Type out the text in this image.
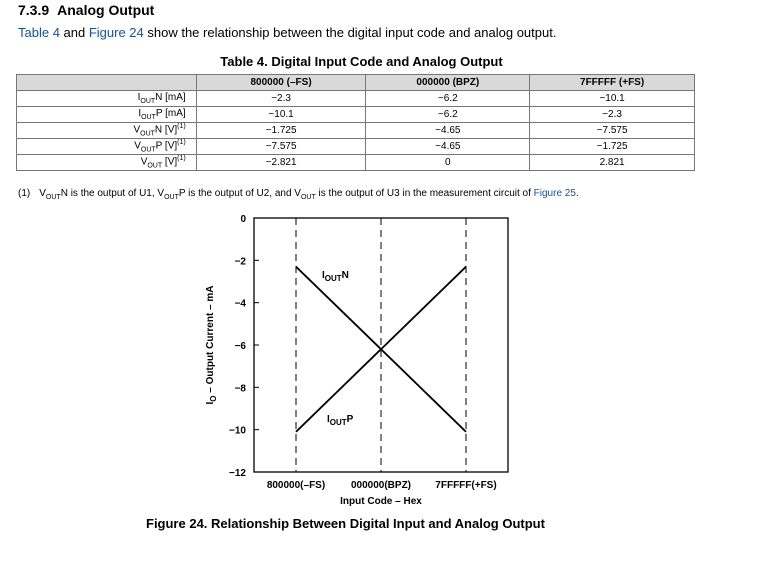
7.3.9 Analog Output
Table 4 and Figure 24 show the relationship between the digital input code and analog output.
Table 4. Digital Input Code and Analog Output
	800000 (–FS)	000000 (BPZ)	7FFFFF (+FS)
$I_{OUT}N$ [mA]	−2.3	−6.2	−10.1
$I_{OUT}P$ [mA]	−10.1	−6.2	−2.3
$V_{OUT}N$ $[V]^{(1)}$	−1.725	−4.65	−7.575
$V_{OUT}P$ $[V]^{(1)}$	−7.575	−4.65	−1.725
$V_{OUT}$ $[V]^{(1)}$	−2.821	0	2.821
(1) $V_{OUT}N$ is the output of U1, $V_{OUT}P$ is the output of U2, and $V_{OUT}$ is the output of U3 in the measurement circuit of Figure 25.
0
−2
−4
−6
−8
−10
−12
800000(–FS)	000000(BPZ) 7FFFFF(+FS)
Input Code – Hex
$I_O$ – Output Current – mA
$I_{OUT}N$
$I_{OUT}P$
Figure 24. Relationship Between Digital Input and Analog Output
